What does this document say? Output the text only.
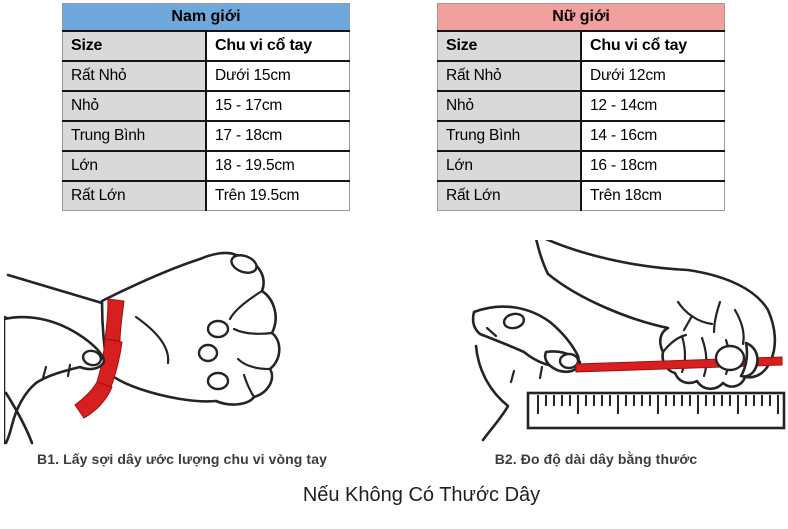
Nam giới	
Size	Chu vi cổ tay
Rất Nhỏ	Dưới 15cm
Nhỏ	15 - 17cm
Trung Bình	17 - 18cm
Lớn	18 - 19.5cm
Rất Lớn	Trên 19.5cm
Nữ giới	
Size	Chu vi cổ tay
Rất Nhỏ	Dưới 12cm
Nhỏ	12 - 14cm
Trung Bình	14 - 16cm
Lớn	16 - 18cm
Rất Lớn	Trên 18cm
B1. Lấy sợi dây ước lượng chu vi vòng tay	B2. Đo độ dài dây bằng thước
Nếu Không Có Thước Dây
